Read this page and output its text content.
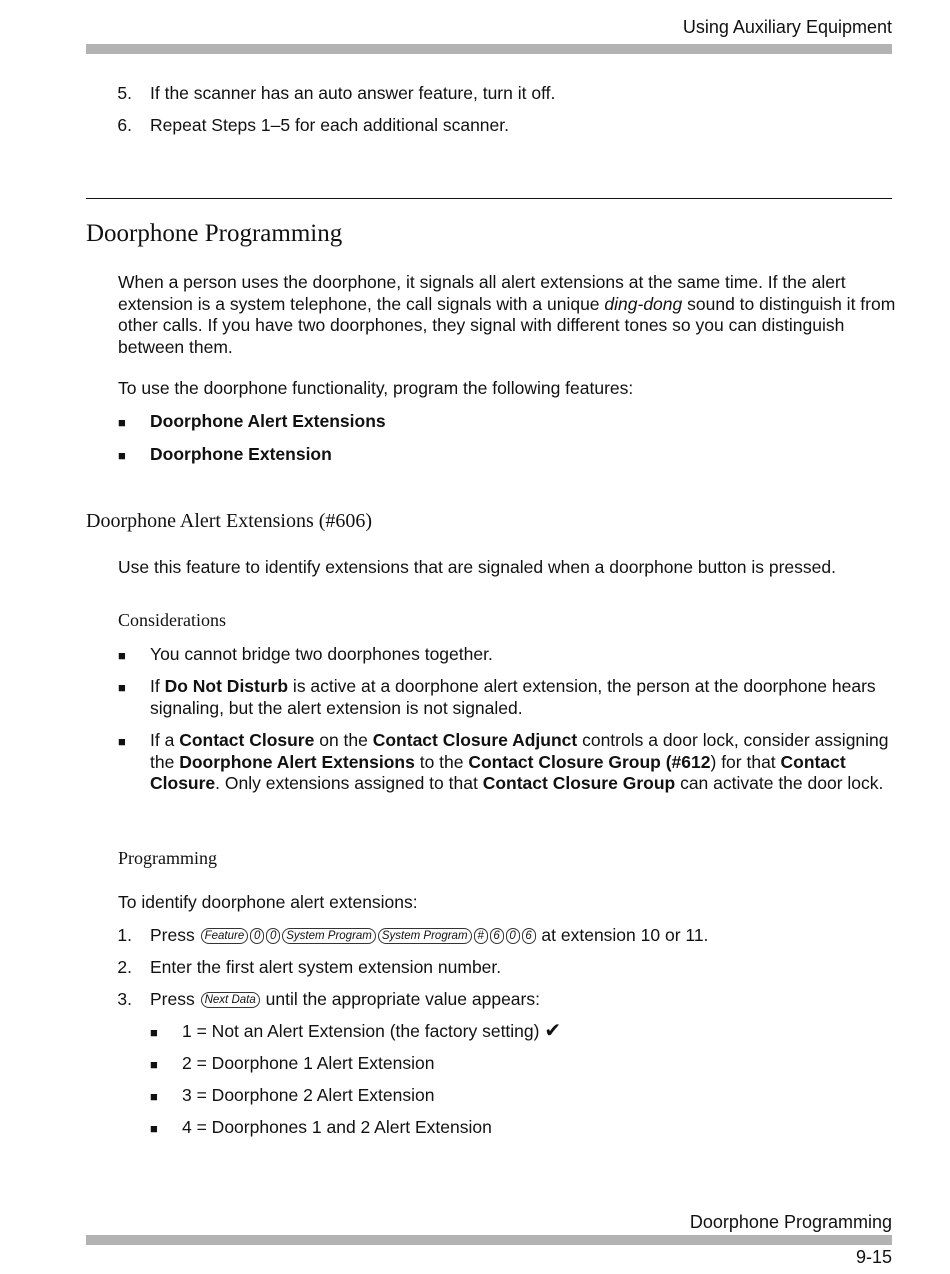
Using Auxiliary Equipment
5. If the scanner has an auto answer feature, turn it off.
6. Repeat Steps 1–5 for each additional scanner.
Doorphone Programming
When a person uses the doorphone, it signals all alert extensions at the same time. If the alert extension is a system telephone, the call signals with a unique ding-dong sound to distinguish it from other calls. If you have two doorphones, they signal with different tones so you can distinguish between them.
To use the doorphone functionality, program the following features:
■ Doorphone Alert Extensions
■ Doorphone Extension
Doorphone Alert Extensions (#606)
Use this feature to identify extensions that are signaled when a doorphone button is pressed.
Considerations
■ You cannot bridge two doorphones together.
■ If Do Not Disturb is active at a doorphone alert extension, the person at the doorphone hears signaling, but the alert extension is not signaled.
■ If a Contact Closure on the Contact Closure Adjunct controls a door lock, consider assigning the Doorphone Alert Extensions to the Contact Closure Group (#612) for that Contact Closure. Only extensions assigned to that Contact Closure Group can activate the door lock.
Programming
To identify doorphone alert extensions:
1. Press Feature 0 0 System Program System Program # 6 0 6 at extension 10 or 11.
2. Enter the first alert system extension number.
3. Press Next Data until the appropriate value appears:
■ 1 = Not an Alert Extension (the factory setting) ✔
■ 2 = Doorphone 1 Alert Extension
■ 3 = Doorphone 2 Alert Extension
■ 4 = Doorphones 1 and 2 Alert Extension
Doorphone Programming
9-15
